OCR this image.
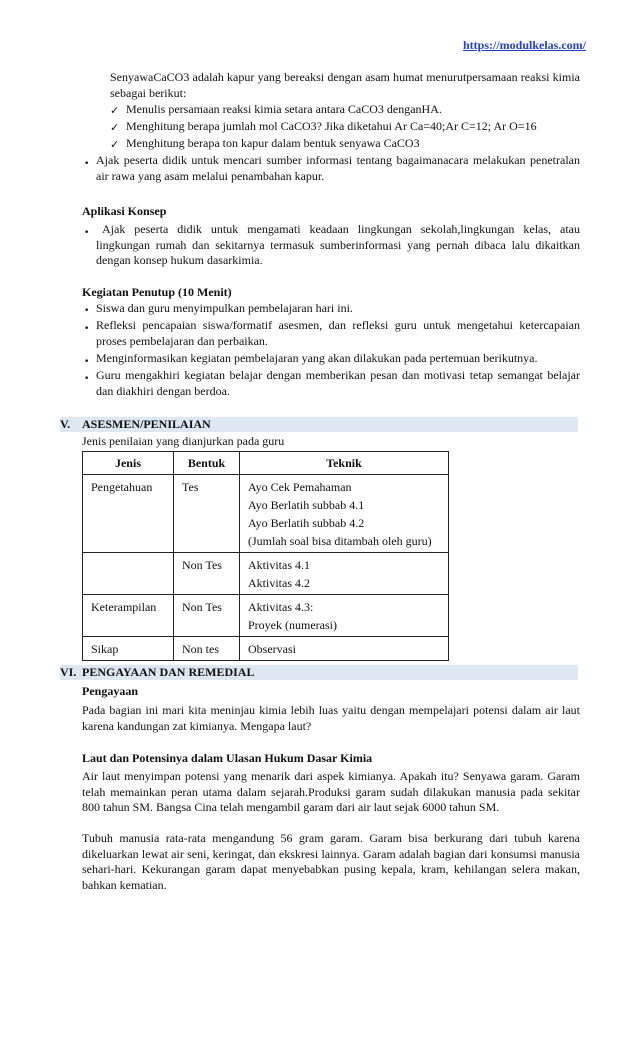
https://modulkelas.com/
SenyawaCaCO3 adalah kapur yang bereaksi dengan asam humat menurutpersamaan reaksi kimia sebagai berikut:
✓ Menulis persamaan reaksi kimia setara antara CaCO3 denganHA.
✓ Menghitung berapa jumlah mol CaCO3? Jika diketahui Ar Ca=40;Ar C=12; Ar O=16
✓ Menghitung berapa ton kapur dalam bentuk senyawa CaCO3
• Ajak peserta didik untuk mencari sumber informasi tentang bagaimanacara melakukan penetralan air rawa yang asam melalui penambahan kapur.
Aplikasi Konsep
•	Ajak peserta didik untuk mengamati keadaan lingkungan sekolah,lingkungan kelas, atau lingkungan rumah dan sekitarnya termasuk sumberinformasi yang pernah dibaca lalu dikaitkan dengan konsep hukum dasarkimia.
Kegiatan Penutup (10 Menit)
• Siswa dan guru menyimpulkan pembelajaran hari ini.
• Refleksi pencapaian siswa/formatif asesmen, dan refleksi guru untuk mengetahui ketercapaian proses pembelajaran dan perbaikan.
• Menginformasikan kegiatan pembelajaran yang akan dilakukan pada pertemuan berikutnya.
• Guru mengakhiri kegiatan belajar dengan memberikan pesan dan motivasi tetap semangat belajar dan diakhiri dengan berdoa.
V. ASESMEN/PENILAIAN
Jenis penilaian yang dianjurkan pada guru
Jenis	Bentuk	Teknik
Pengetahuan	Tes	Ayo Cek Pemahaman
Ayo Berlatih subbab 4.1
Ayo Berlatih subbab 4.2
(Jumlah soal bisa ditambah oleh guru)

	Non Tes	Aktivitas 4.1
Aktivitas 4.2

Keterampilan	Non Tes	Aktivitas 4.3:
Proyek (numerasi)

Sikap	Non tes	Observasi
VI. PENGAYAAN DAN REMEDIAL
Pengayaan
Pada bagian ini mari kita meninjau kimia lebih luas yaitu dengan mempelajari potensi dalam air laut karena kandungan zat kimianya. Mengapa laut?
Laut dan Potensinya dalam Ulasan Hukum Dasar Kimia
Air laut menyimpan potensi yang menarik dari aspek kimianya. Apakah itu? Senyawa garam. Garam telah memainkan peran utama dalam sejarah.Produksi garam sudah dilakukan manusia pada sekitar 800 tahun SM. Bangsa Cina telah mengambil garam dari air laut sejak 6000 tahun SM.
Tubuh manusia rata-rata mengandung 56 gram garam. Garam bisa berkurang dari tubuh karena dikeluarkan lewat air seni, keringat, dan ekskresi lainnya. Garam adalah bagian dari konsumsi manusia sehari-hari. Kekurangan garam dapat menyebabkan pusing kepala, kram, kehilangan selera makan, bahkan kematian.
